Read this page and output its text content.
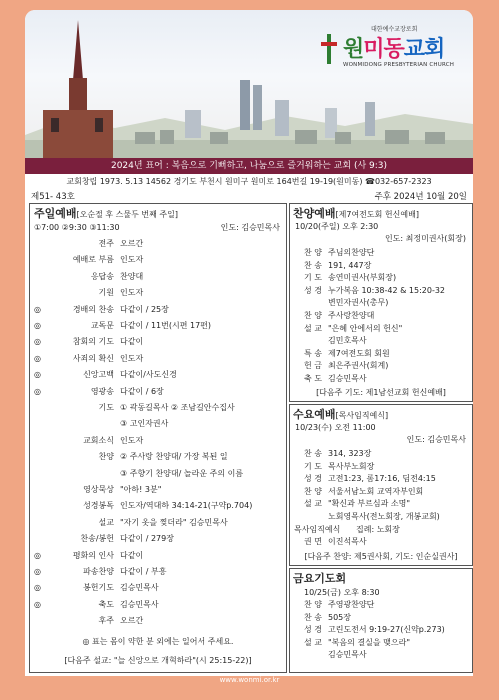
대한예수교장로회
원미동교회
WONMIDONG PRESBYTERIAN CHURCH
2024년 표어 : 복음으로 기뻐하고, 나눔으로 즐거워하는 교회 (사 9:3)
교회창립 1973. 5.13 14562 경기도 부천시 원미구 원미로 164번길 19-19(원미동) ☎032-657-2323
제51- 43호	주후 2024년 10월 20일
주일예배[오순절 후 스물두 번째 주일]
①7:00 ②9:30 ③11:30	인도: 김승민목사
전주 오르간
예배로 부름 인도자
응답송 찬양대
기원 인도자
◎	경배의 찬송 다같이 / 25장
◎	교독문 다같이 / 11번(시편 17편)
◎	참회의 기도 다같이
◎	사죄의 확신 인도자
◎	신앙고백 다같이/사도신경
◎	영광송 다같이 / 6장
기도 ① 곽동길목사 ② 조남길안수집사
③ 고인자권사
교회소식 인도자
찬양 ② 주사랑 찬양대/ 가장 복된 일
③ 주향기 찬양대/ 놀라운 주의 이름
영상묵상 "아하! 3분"
성경봉독 인도자/역대하 34:14-21(구약p.704)
설교 "자기 옷을 찢더라" 김승민목사
찬송/봉헌 다같이 / 279장
◎	평화의 인사 다같이
◎	파송찬양 다같이 / 부흥
◎	봉헌기도 김승민목사
◎	축도 김승민목사
후주 오르간
◎ 표는 몸이 약한 분 외에는 일어서 주세요.
[다음주 설교: "늘 신앙으로 개혁하라"(시 25:15-22)]
찬양예배[제7여전도회 헌신예배]
10/20(주일) 오후 2:30
인도: 최정미권사(회장)
찬 양 주님의찬양단
찬 송 191, 447장
기 도 송연미권사(부회장)
성 경 누가복음 10:38-42 & 15:20-32
변민자권사(총무)
찬 양 주사랑찬양대
설 교 "은혜 안에서의 헌신"
김민호목사
특 송 제7여전도회 회원
헌 금 최은주권사(회계)
축 도 김승민목사
[다음주 기도: 제1남선교회 헌신예배]
수요예배[목사임직예식]
10/23(수) 오전 11:00
인도: 김승민목사
찬 송 314, 323장
기 도 목사부노회장
성 경 고전1:23, 롬17:16, 딤전4:15
찬 양 서울서남노회 교역자부인회
설 교 "확신과 부르심과 소명"
노회영목사(전노회장, 개봉교회)
목사임직예식 집례: 노회장
권 면 이진석목사
[다음주 찬양: 제5권사회, 기도: 인순실권사]
금요기도회
10/25(금) 오후 8:30
찬 양 주영광찬양단
찬 송 505장
성 경 고린도전서 9:19-27(신약p.273)
설 교 "복음의 결실을 맺으라"
김승민목사
www.wonmi.or.kr
